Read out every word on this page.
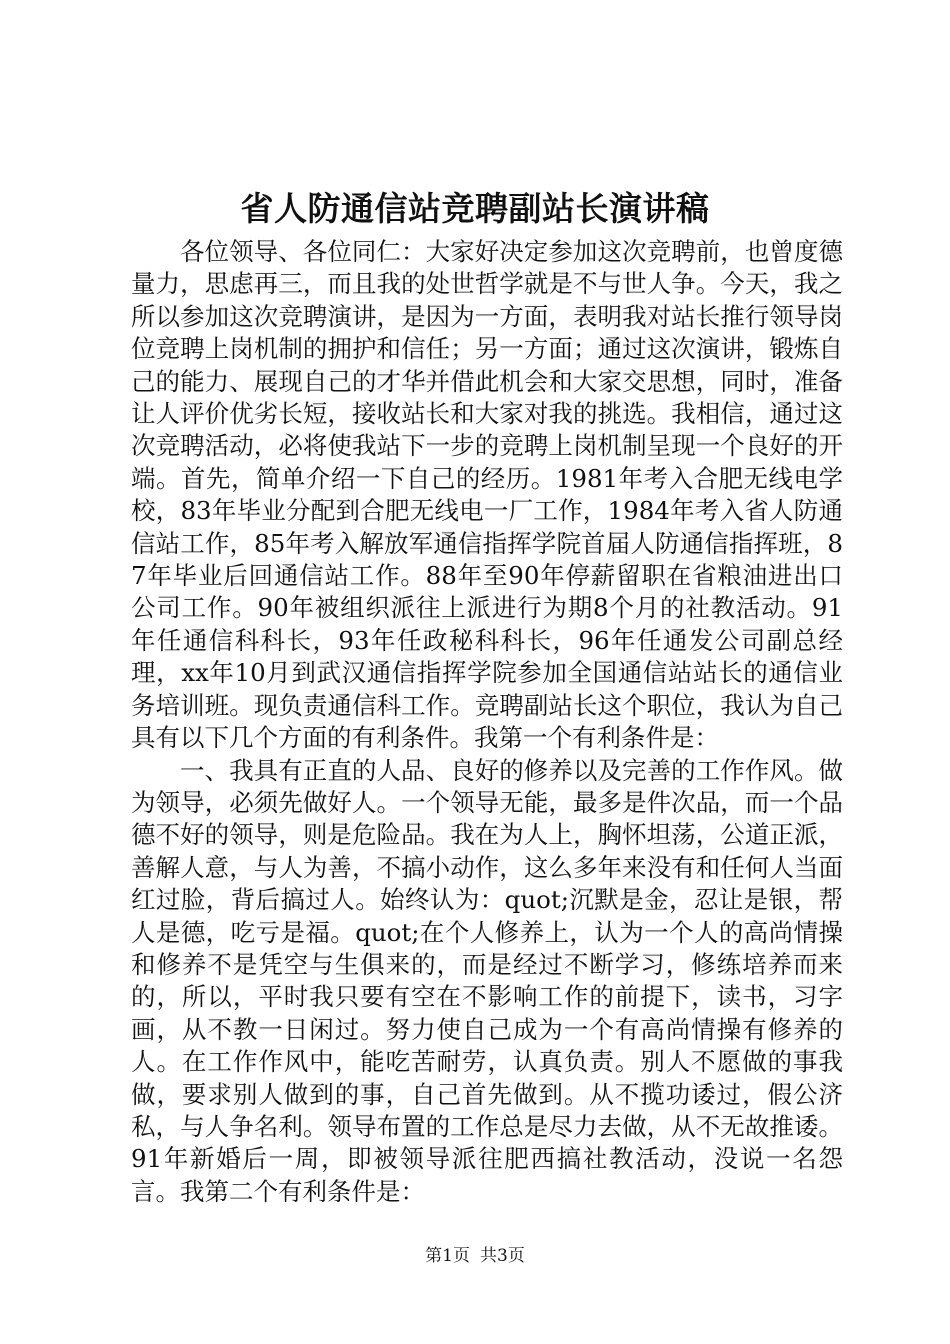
省人防通信站竞聘副站长演讲稿

各位领导、各位同仁：大家好决定参加这次竞聘前，也曾度德量力，思虑再三，而且我的处世哲学就是不与世人争。今天，我之所以参加这次竞聘演讲，是因为一方面，表明我对站长推行领导岗位竞聘上岗机制的拥护和信任；另一方面；通过这次演讲，锻炼自己的能力、展现自己的才华并借此机会和大家交思想，同时，准备让人评价优劣长短，接收站长和大家对我的挑选。我相信，通过这次竞聘活动，必将使我站下一步的竞聘上岗机制呈现一个良好的开端。首先，简单介绍一下自己的经历。1981年考入合肥无线电学校，83年毕业分配到合肥无线电一厂工作，1984年考入省人防通信站工作，85年考入解放军通信指挥学院首届人防通信指挥班，87年毕业后回通信站工作。88年至90年停薪留职在省粮油进出口公司工作。90年被组织派往上派进行为期8个月的社教活动。91年任通信科科长，93年任政秘科科长，96年任通发公司副总经理，xx年10月到武汉通信指挥学院参加全国通信站站长的通信业务培训班。现负责通信科工作。竞聘副站长这个职位，我认为自己具有以下几个方面的有利条件。我第一个有利条件是：

一、我具有正直的人品、良好的修养以及完善的工作作风。做为领导，必须先做好人。一个领导无能，最多是件次品，而一个品德不好的领导，则是危险品。我在为人上，胸怀坦荡，公道正派，善解人意，与人为善，不搞小动作，这么多年来没有和任何人当面红过脸，背后搞过人。始终认为：quot;沉默是金，忍让是银，帮人是德，吃亏是福。quot;在个人修养上，认为一个人的高尚情操和修养不是凭空与生俱来的，而是经过不断学习，修练培养而来的，所以，平时我只要有空在不影响工作的前提下，读书，习字画，从不教一日闲过。努力使自己成为一个有高尚情操有修养的人。在工作作风中，能吃苦耐劳，认真负责。别人不愿做的事我做，要求别人做到的事，自己首先做到。从不揽功诿过，假公济私，与人争名利。领导布置的工作总是尽力去做，从不无故推诿。91年新婚后一周，即被领导派往肥西搞社教活动，没说一名怨言。我第二个有利条件是：

第1页 共3页
